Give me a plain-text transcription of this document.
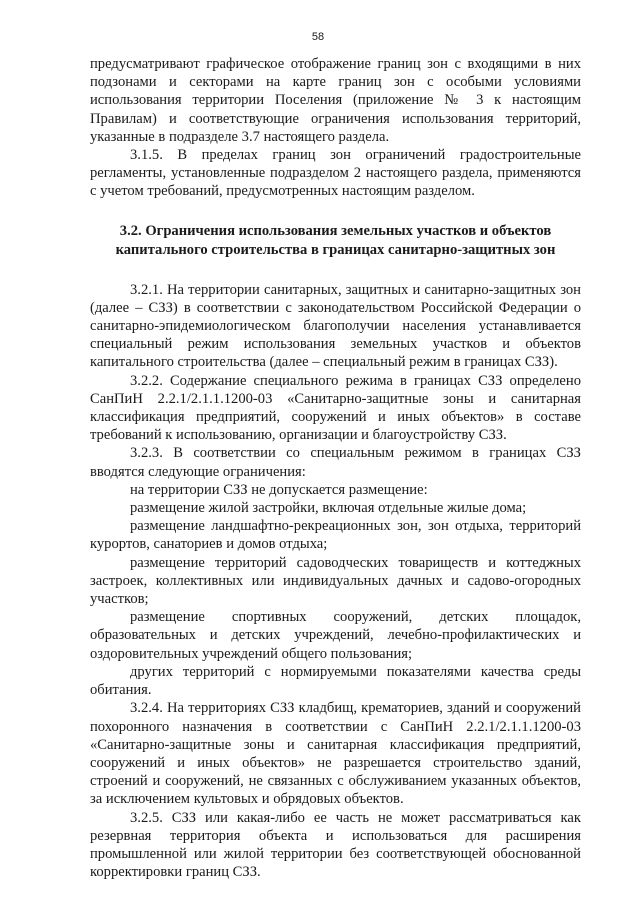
58

предусматривают графическое отображение границ зон с входящими в них подзонами и секторами на карте границ зон с особыми условиями использования территории Поселения (приложение № 3 к настоящим Правилам) и соответствующие ограничения использования территорий, указанные в подразделе 3.7 настоящего раздела.

3.1.5. В пределах границ зон ограничений градостроительные регламенты, установленные подразделом 2 настоящего раздела, применяются с учетом требований, предусмотренных настоящим разделом.

3.2. Ограничения использования земельных участков и объектов
капитального строительства в границах санитарно-защитных зон

3.2.1. На территории санитарных, защитных и санитарно-защитных зон (далее – СЗЗ) в соответствии с законодательством Российской Федерации о санитарно-эпидемиологическом благополучии населения устанавливается специальный режим использования земельных участков и объектов капитального строительства (далее – специальный режим в границах СЗЗ).

3.2.2. Содержание специального режима в границах СЗЗ определено СанПиН 2.2.1/2.1.1.1200-03 «Санитарно-защитные зоны и санитарная классификация предприятий, сооружений и иных объектов» в составе требований к использованию, организации и благоустройству СЗЗ.

3.2.3. В соответствии со специальным режимом в границах СЗЗ вводятся следующие ограничения:

на территории СЗЗ не допускается размещение:

размещение жилой застройки, включая отдельные жилые дома;

размещение ландшафтно-рекреационных зон, зон отдыха, территорий курортов, санаториев и домов отдыха;

размещение территорий садоводческих товариществ и коттеджных застроек, коллективных или индивидуальных дачных и садово-огородных участков;

размещение спортивных сооружений, детских площадок, образовательных и детских учреждений, лечебно-профилактических и оздоровительных учреждений общего пользования;

других территорий с нормируемыми показателями качества среды обитания.

3.2.4. На территориях СЗЗ кладбищ, крематориев, зданий и сооружений похоронного назначения в соответствии с СанПиН 2.2.1/2.1.1.1200-03 «Санитарно-защитные зоны и санитарная классификация предприятий, сооружений и иных объектов» не разрешается строительство зданий, строений и сооружений, не связанных с обслуживанием указанных объектов, за исключением культовых и обрядовых объектов.

3.2.5. СЗЗ или какая-либо ее часть не может рассматриваться как резервная территория объекта и использоваться для расширения промышленной или жилой территории без соответствующей обоснованной корректировки границ СЗЗ.
